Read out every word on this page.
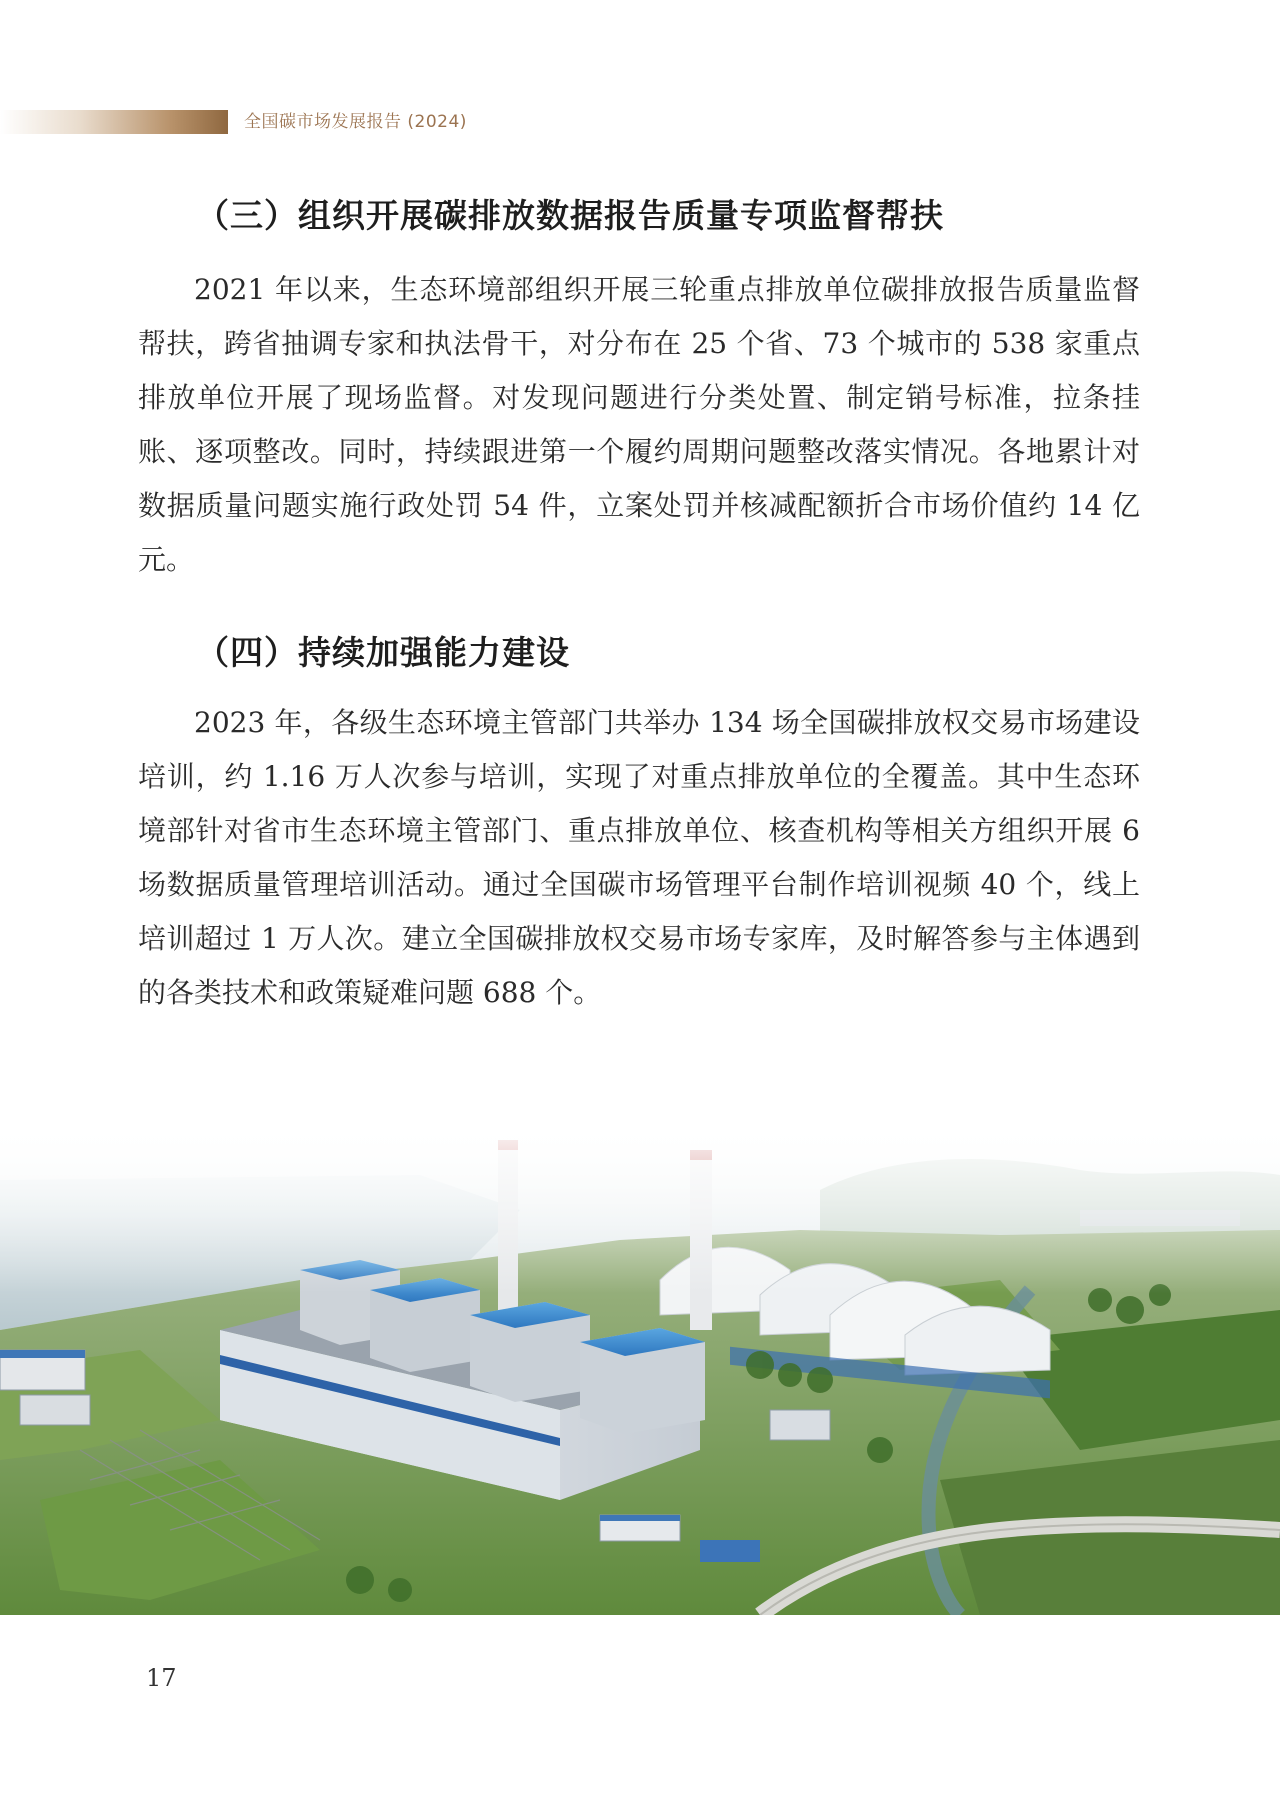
全国碳市场发展报告 (2024)
（三）组织开展碳排放数据报告质量专项监督帮扶
2021 年以来，生态环境部组织开展三轮重点排放单位碳排放报告质量监督帮扶，跨省抽调专家和执法骨干，对分布在 25 个省、73 个城市的 538 家重点排放单位开展了现场监督。对发现问题进行分类处置、制定销号标准，拉条挂账、逐项整改。同时，持续跟进第一个履约周期问题整改落实情况。各地累计对数据质量问题实施行政处罚 54 件，立案处罚并核减配额折合市场价值约 14 亿元。
（四）持续加强能力建设
2023 年，各级生态环境主管部门共举办 134 场全国碳排放权交易市场建设培训，约 1.16 万人次参与培训，实现了对重点排放单位的全覆盖。其中生态环境部针对省市生态环境主管部门、重点排放单位、核查机构等相关方组织开展 6 场数据质量管理培训活动。通过全国碳市场管理平台制作培训视频 40 个，线上培训超过 1 万人次。建立全国碳排放权交易市场专家库，及时解答参与主体遇到的各类技术和政策疑难问题 688 个。
17
